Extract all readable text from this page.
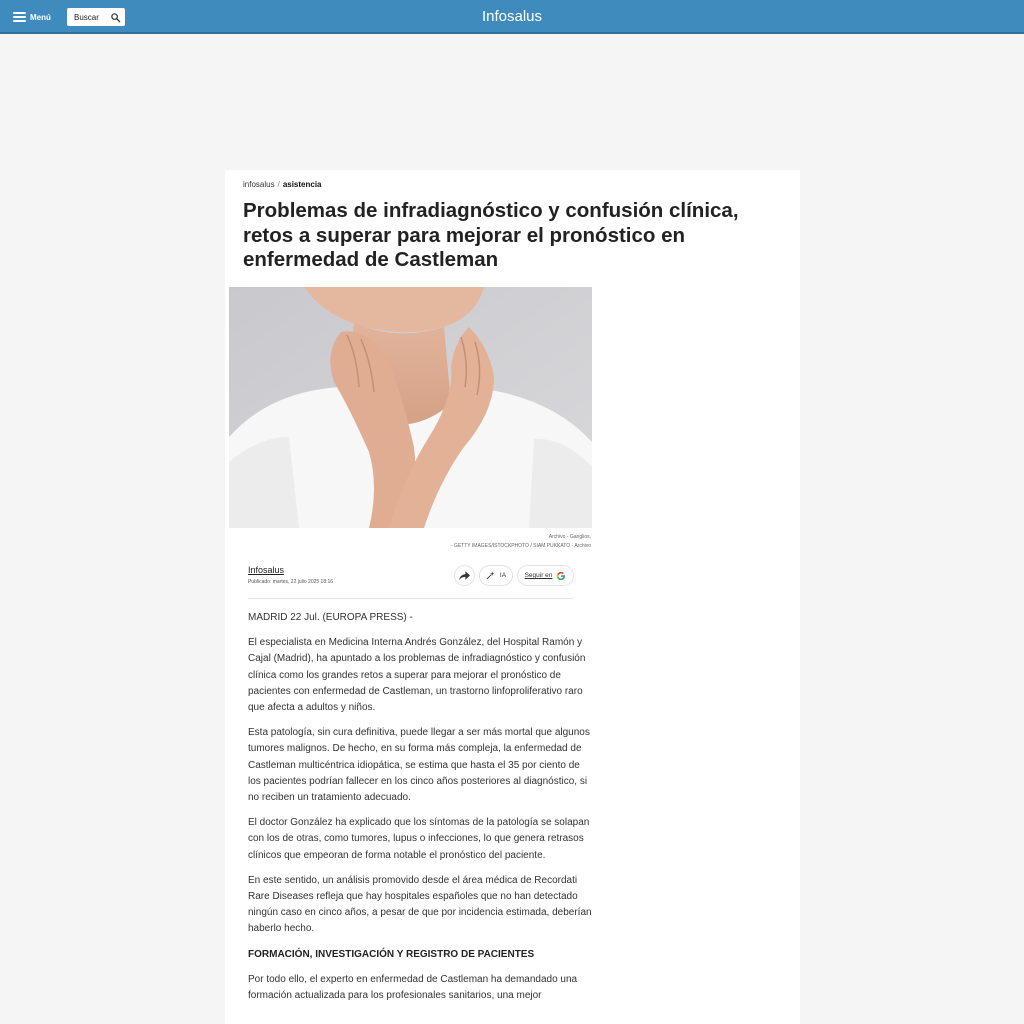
Menú
Buscar	Infosalus
infosalus / asistencia
Problemas de infradiagnóstico y confusión clínica, retos a superar para mejorar el pronóstico en enfermedad de Castleman
Archivo - Ganglios,
- GETTY IMAGES/ISTOCKPHOTO / SIAM PUKKATO - Archivo
Infosalus
Publicado: martes, 22 julio 2025 18:16
IA	Seguir en

MADRID 22 Jul. (EUROPA PRESS) -

El especialista en Medicina Interna Andrés González, del Hospital Ramón y Cajal (Madrid), ha apuntado a los problemas de infradiagnóstico y confusión clínica como los grandes retos a superar para mejorar el pronóstico de pacientes con enfermedad de Castleman, un trastorno linfoproliferativo raro que afecta a adultos y niños.

Esta patología, sin cura definitiva, puede llegar a ser más mortal que algunos tumores malignos. De hecho, en su forma más compleja, la enfermedad de Castleman multicéntrica idiopática, se estima que hasta el 35 por ciento de los pacientes podrían fallecer en los cinco años posteriores al diagnóstico, si no reciben un tratamiento adecuado.

El doctor González ha explicado que los síntomas de la patología se solapan con los de otras, como tumores, lupus o infecciones, lo que genera retrasos clínicos que empeoran de forma notable el pronóstico del paciente.

En este sentido, un análisis promovido desde el área médica de Recordati Rare Diseases refleja que hay hospitales españoles que no han detectado ningún caso en cinco años, a pesar de que por incidencia estimada, deberían haberlo hecho.

FORMACIÓN, INVESTIGACIÓN Y REGISTRO DE PACIENTES

Por todo ello, el experto en enfermedad de Castleman ha demandado una formación actualizada para los profesionales sanitarios, una mejor
